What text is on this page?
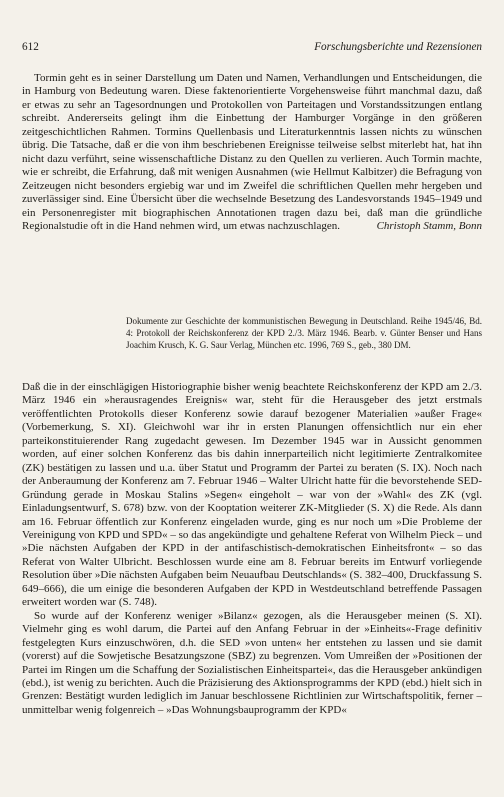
612	Forschungsberichte und Rezensionen

Tormin geht es in seiner Darstellung um Daten und Namen, Verhandlungen und Entscheidungen, die in Hamburg von Bedeutung waren. Diese faktenorientierte Vorgehensweise führt manchmal dazu, daß er etwas zu sehr an Tagesordnungen und Protokollen von Parteitagen und Vorstandssitzungen entlang schreibt. Andererseits gelingt ihm die Einbettung der Hamburger Vorgänge in den größeren zeitgeschichtlichen Rahmen. Tormins Quellenbasis und Literaturkenntnis lassen nichts zu wünschen übrig. Die Tatsache, daß er die von ihm beschriebenen Ereignisse teilweise selbst miterlebt hat, hat ihn nicht dazu verführt, seine wissenschaftliche Distanz zu den Quellen zu verlieren. Auch Tormin machte, wie er schreibt, die Erfahrung, daß mit wenigen Ausnahmen (wie Hellmut Kalbitzer) die Befragung von Zeitzeugen nicht besonders ergiebig war und im Zweifel die schriftlichen Quellen mehr hergeben und zuverlässiger sind. Eine Übersicht über die wechselnde Besetzung des Landesvorstands 1945–1949 und ein Personenregister mit biographischen Annotationen tragen dazu bei, daß man die gründliche Regionalstudie oft in die Hand nehmen wird, um etwas nachzuschlagen.	Christoph Stamm, Bonn

Dokumente zur Geschichte der kommunistischen Bewegung in Deutschland. Reihe 1945/46, Bd. 4: Protokoll der Reichskonferenz der KPD 2./3. März 1946. Bearb. v. Günter Benser und Hans Joachim Krusch, K. G. Saur Verlag, München etc. 1996, 769 S., geb., 380 DM.

Daß die in der einschlägigen Historiographie bisher wenig beachtete Reichskonferenz der KPD am 2./3. März 1946 ein »herausragendes Ereignis« war, steht für die Herausgeber des jetzt erstmals veröffentlichten Protokolls dieser Konferenz sowie darauf bezogener Materialien »außer Frage« (Vorbemerkung, S. XI). Gleichwohl war ihr in ersten Planungen offensichtlich nur ein eher parteikonstituierender Rang zugedacht gewesen. Im Dezember 1945 war in Aussicht genommen worden, auf einer solchen Konferenz das bis dahin innerparteilich nicht legitimierte Zentralkomitee (ZK) bestätigen zu lassen und u.a. über Statut und Programm der Partei zu beraten (S. IX). Noch nach der Anberaumung der Konferenz am 7. Februar 1946 – Walter Ulricht hatte für die bevorstehende SED-Gründung gerade in Moskau Stalins »Segen« eingeholt – war von der »Wahl« des ZK (vgl. Einladungsentwurf, S. 678) bzw. von der Kooptation weiterer ZK-Mitglieder (S. X) die Rede. Als dann am 16. Februar öffentlich zur Konferenz eingeladen wurde, ging es nur noch um »Die Probleme der Vereinigung von KPD und SPD« – so das angekündigte und gehaltene Referat von Wilhelm Pieck – und »Die nächsten Aufgaben der KPD in der antifaschistisch-demokratischen Einheitsfront« – so das Referat von Walter Ulbricht. Beschlossen wurde eine am 8. Februar bereits im Entwurf vorliegende Resolution über »Die nächsten Aufgaben beim Neuaufbau Deutschlands« (S. 382–400, Druckfassung S. 649–666), die um einige die besonderen Aufgaben der KPD in Westdeutschland betreffende Passagen erweitert worden war (S. 748).

So wurde auf der Konferenz weniger »Bilanz« gezogen, als die Herausgeber meinen (S. XI). Vielmehr ging es wohl darum, die Partei auf den Anfang Februar in der »Einheits«-Frage definitiv festgelegten Kurs einzuschwören, d.h. die SED »von unten« her entstehen zu lassen und sie damit (vorerst) auf die Sowjetische Besatzungszone (SBZ) zu begrenzen. Vom Umreißen der »Positionen der Partei im Ringen um die Schaffung der Sozialistischen Einheitspartei«, das die Herausgeber ankündigen (ebd.), ist wenig zu berichten. Auch die Präzisierung des Aktionsprogramms der KPD (ebd.) hielt sich in Grenzen: Bestätigt wurden lediglich im Januar beschlossene Richtlinien zur Wirtschaftspolitik, ferner – unmittelbar wenig folgenreich – »Das Wohnungsbauprogramm der KPD«
